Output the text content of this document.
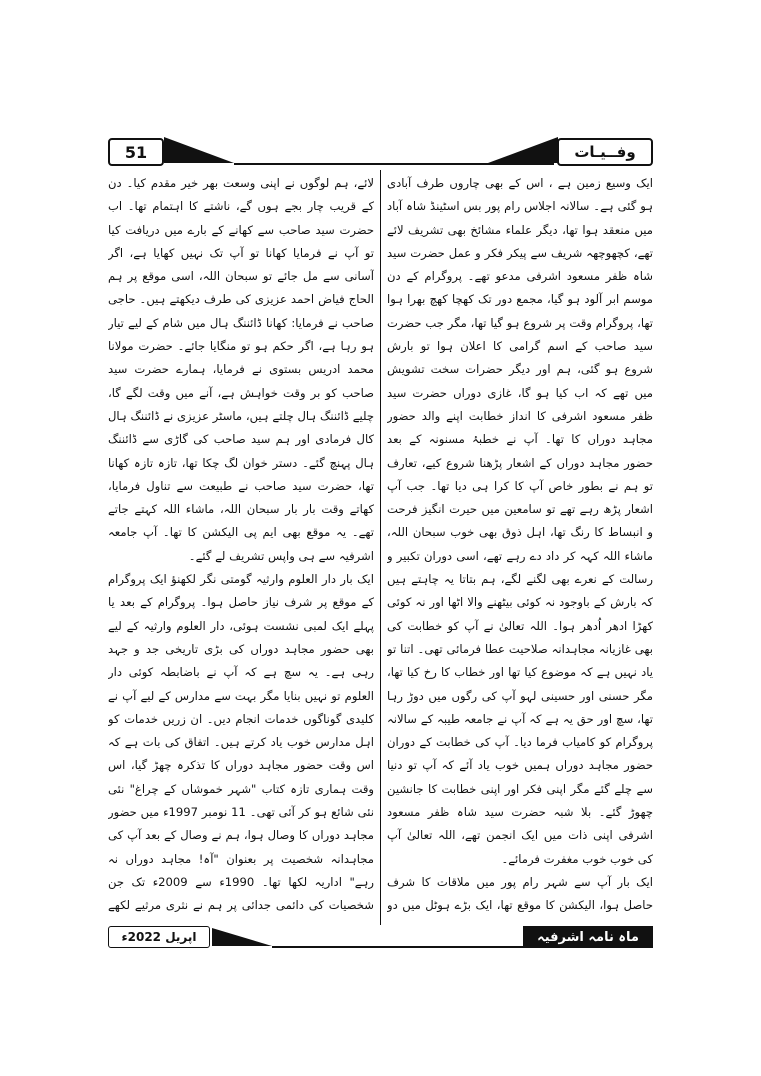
51	وفــیـات

ایک وسیع زمین ہے ، اس کے بھی چاروں طرف آبادی ہو گئی ہے۔ سالانہ اجلاس رام پور بس اسٹینڈ شاہ آباد میں منعقد ہوا تھا، دیگر علماء مشائخ بھی تشریف لائے تھے، کچھوچھہ شریف سے پیکر فکر و عمل حضرت سید شاہ ظفر مسعود اشرفی مدعو تھے۔ پروگرام کے دن موسم ابر آلود ہو گیا، مجمع دور تک کھچا کھچ بھرا ہوا تھا، پروگرام وقت پر شروع ہو گیا تھا، مگر جب حضرت سید صاحب کے اسم گرامی کا اعلان ہوا تو بارش شروع ہو گئی، ہم اور دیگر حضرات سخت تشویش میں تھے کہ اب کیا ہو گا، غازی دوراں حضرت سید ظفر مسعود اشرفی کا انداز خطابت اپنے والد حضور مجاہد دوراں کا تھا۔ آپ نے خطبۂ مسنونہ کے بعد حضور مجاہد دوراں کے اشعار پڑھنا شروع کیے، تعارف تو ہم نے بطور خاص آپ کا کرا ہی دیا تھا۔ جب آپ اشعار پڑھ رہے تھے تو سامعین میں حیرت انگیز فرحت و انبساط کا رنگ تھا، اہل ذوق بھی خوب سبحان اللہ، ماشاء اللہ کہہ کر داد دے رہے تھے، اسی دوران تکبیر و رسالت کے نعرے بھی لگنے لگے، ہم بتاتا یہ چاہتے ہیں کہ بارش کے باوجود نہ کوئی بیٹھنے والا اٹھا اور نہ کوئی کھڑا ادھر اُدھر ہوا۔ اللہ تعالیٰ نے آپ کو خطابت کی بھی غازیانہ مجاہدانہ صلاحیت عطا فرمائی تھی۔ اتنا تو یاد نہیں ہے کہ موضوع کیا تھا اور خطاب کا رخ کیا تھا، مگر حسنی اور حسینی لہو آپ کی رگوں میں دوڑ رہا تھا، سچ اور حق یہ ہے کہ آپ نے جامعہ طیبہ کے سالانہ پروگرام کو کامیاب فرما دیا۔ آپ کی خطابت کے دوران حضور مجاہد دوراں ہمیں خوب یاد آئے کہ آپ تو دنیا سے چلے گئے مگر اپنی فکر اور اپنی خطابت کا جانشین چھوڑ گئے۔ بلا شبہ حضرت سید شاہ ظفر مسعود اشرفی اپنی ذات میں ایک انجمن تھے، اللہ تعالیٰ آپ کی خوب خوب مغفرت فرمائے۔

ایک بار آپ سے شہر رام پور میں ملاقات کا شرف حاصل ہوا، الیکشن کا موقع تھا، ایک بڑے ہوٹل میں دو

لائے، ہم لوگوں نے اپنی وسعت بھر خیر مقدم کیا۔ دن کے قریب چار بجے ہوں گے، ناشتے کا اہتمام تھا۔ اب حضرت سید صاحب سے کھانے کے بارے میں دریافت کیا تو آپ نے فرمایا کھانا تو آپ تک نہیں کھایا ہے، اگر آسانی سے مل جائے تو سبحان اللہ، اسی موقع پر ہم الحاج فیاض احمد عزیزی کی طرف دیکھتے ہیں۔ حاجی صاحب نے فرمایا: کھانا ڈائننگ ہال میں شام کے لیے تیار ہو رہا ہے، اگر حکم ہو تو منگایا جائے۔ حضرت مولانا محمد ادریس بستوی نے فرمایا، ہمارے حضرت سید صاحب کو بر وقت خواہش ہے، آنے میں وقت لگے گا، چلیے ڈائننگ ہال چلتے ہیں، ماسٹر عزیزی نے ڈائننگ ہال کال فرمادی اور ہم سید صاحب کی گاڑی سے ڈائننگ ہال پہنچ گئے۔ دستر خوان لگ چکا تھا، تازہ تازہ کھانا تھا، حضرت سید صاحب نے طبیعت سے تناول فرمایا، کھاتے وقت بار بار سبحان اللہ، ماشاء اللہ کہتے جاتے تھے۔ یہ موقع بھی ایم پی الیکشن کا تھا۔ آپ جامعہ اشرفیہ سے ہی واپس تشریف لے گئے۔

ایک بار دار العلوم وارثیہ گومتی نگر لکھنؤ ایک پروگرام کے موقع پر شرف نیاز حاصل ہوا۔ پروگرام کے بعد یا پہلے ایک لمبی نشست ہوئی، دار العلوم وارثیہ کے لیے بھی حضور مجاہد دوراں کی بڑی تاریخی جد و جہد رہی ہے۔ یہ سچ ہے کہ آپ نے باضابطہ کوئی دار العلوم تو نہیں بنایا مگر بہت سے مدارس کے لیے آپ نے کلیدی گوناگوں خدمات انجام دیں۔ ان زریں خدمات کو اہل مدارس خوب یاد کرتے ہیں۔ اتفاق کی بات ہے کہ اس وقت حضور مجاہد دوراں کا تذکرہ چھڑ گیا، اس وقت ہماری تازہ کتاب "شہر خموشاں کے چراغ" نئی نئی شائع ہو کر آئی تھی۔ 11 نومبر 1997ء میں حضور مجاہد دوراں کا وصال ہوا، ہم نے وصال کے بعد آپ کی مجاہدانہ شخصیت پر بعنوان "آہ! مجاہد دوراں نہ رہے" اداریہ لکھا تھا۔ 1990ء سے 2009ء تک جن شخصیات کی دائمی جدائی پر ہم نے نثری مرثیے لکھے

اپریل 2022ء	ماہ نامہ اشرفیہ
